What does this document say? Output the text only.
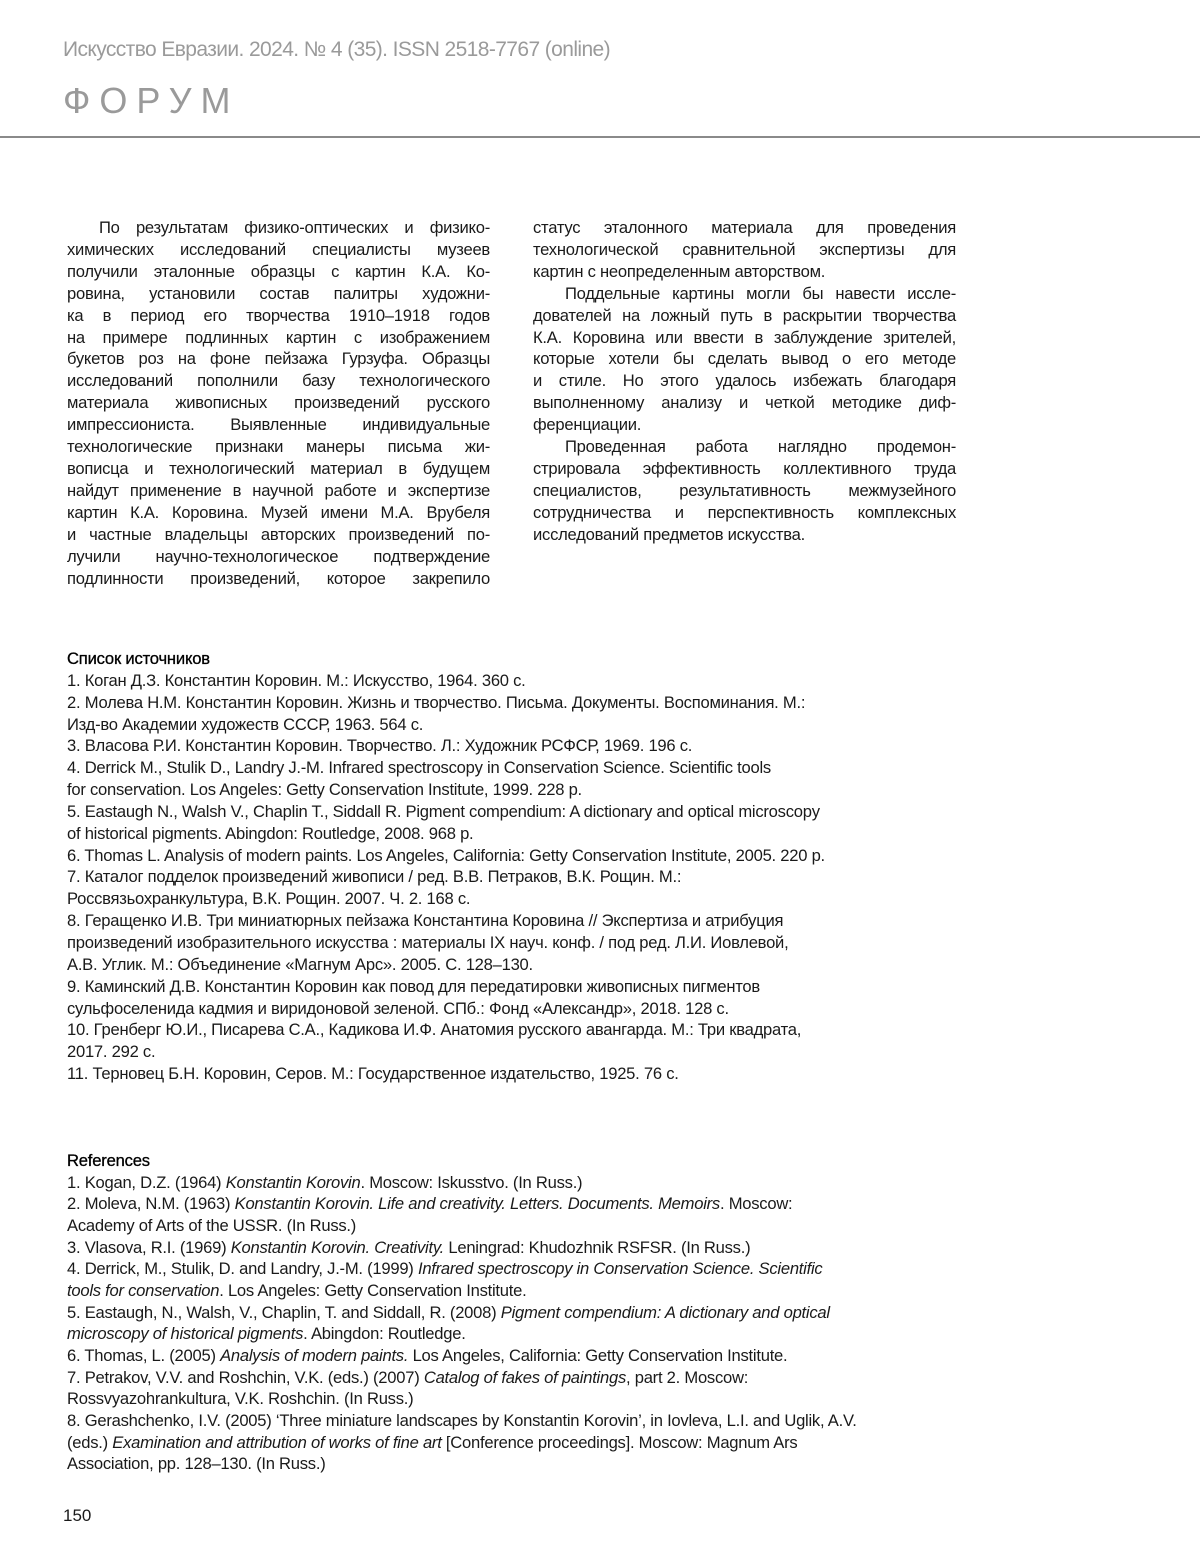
Искусство Евразии. 2024. № 4 (35). ISSN 2518-7767 (online)
ФОРУМ
По результатам физико-оптических и физико-
химических исследований специалисты музеев
получили эталонные образцы с картин К.А. Ко-
ровина, установили состав палитры художни-
ка в период его творчества 1910–1918 годов
на примере подлинных картин с изображением
букетов роз на фоне пейзажа Гурзуфа. Образцы
исследований пополнили базу технологического
материала живописных произведений русского
импрессиониста. Выявленные индивидуальные
технологические признаки манеры письма жи-
вописца и технологический материал в будущем
найдут применение в научной работе и экспертизе
картин К.А. Коровина. Музей имени М.А. Врубеля
и частные владельцы авторских произведений по-
лучили научно-технологическое подтверждение
подлинности произведений, которое закрепило
статус эталонного материала для проведения
технологической сравнительной экспертизы для
картин с неопределенным авторством.
Поддельные картины могли бы навести иссле-
дователей на ложный путь в раскрытии творчества
К.А. Коровина или ввести в заблуждение зрителей,
которые хотели бы сделать вывод о его методе
и стиле. Но этого удалось избежать благодаря
выполненному анализу и четкой методике диф-
ференциации.
Проведенная работа наглядно продемон-
стрировала эффективность коллективного труда
специалистов, результативность межмузейного
сотрудничества и перспективность комплексных
исследований предметов искусства.
Список источников
1. Коган Д.З. Константин Коровин. М.: Искусство, 1964. 360 с.
2. Молева Н.М. Константин Коровин. Жизнь и творчество. Письма. Документы. Воспоминания. М.:
Изд-во Академии художеств СССР, 1963. 564 с.
3. Власова Р.И. Константин Коровин. Творчество. Л.: Художник РСФСР, 1969. 196 с.
4. Derrick M., Stulik D., Landry J.-M. Infrared spectroscopy in Conservation Science. Scientific tools
for conservation. Los Angeles: Getty Conservation Institute, 1999. 228 p.
5. Eastaugh N., Walsh V., Chaplin T., Siddall R. Pigment compendium: A dictionary and optical microscopy
of historical pigments. Abingdon: Routledge, 2008. 968 p.
6. Thomas L. Analysis of modern paints. Los Angeles, California: Getty Conservation Institute, 2005. 220 p.
7. Каталог подделок произведений живописи / ред. В.В. Петраков, В.К. Рощин. М.:
Россвязьохранкультура, В.К. Рощин. 2007. Ч. 2. 168 с.
8. Геращенко И.В. Три миниатюрных пейзажа Константина Коровина // Экспертиза и атрибуция
произведений изобразительного искусства : материалы IX науч. конф. / под ред. Л.И. Иовлевой,
А.В. Углик. М.: Объединение «Магнум Арс». 2005. С. 128–130.
9. Каминский Д.В. Константин Коровин как повод для передатировки живописных пигментов
сульфоселенида кадмия и виридоновой зеленой. СПб.: Фонд «Александр», 2018. 128 с.
10. Гренберг Ю.И., Писарева С.А., Кадикова И.Ф. Анатомия русского авангарда. М.: Три квадрата,
2017. 292 с.
11. Терновец Б.Н. Коровин, Серов. М.: Государственное издательство, 1925. 76 с.
References
1. Kogan, D.Z. (1964) Konstantin Korovin. Moscow: Iskusstvo. (In Russ.)
2. Moleva, N.M. (1963) Konstantin Korovin. Life and creativity. Letters. Documents. Memoirs. Moscow:
Academy of Arts of the USSR. (In Russ.)
3. Vlasova, R.I. (1969) Konstantin Korovin. Creativity. Leningrad: Khudozhnik RSFSR. (In Russ.)
4. Derrick, M., Stulik, D. and Landry, J.-M. (1999) Infrared spectroscopy in Conservation Science. Scientific
tools for conservation. Los Angeles: Getty Conservation Institute.
5. Eastaugh, N., Walsh, V., Chaplin, T. and Siddall, R. (2008) Pigment compendium: A dictionary and optical
microscopy of historical pigments. Abingdon: Routledge.
6. Thomas, L. (2005) Analysis of modern paints. Los Angeles, California: Getty Conservation Institute.
7. Petrakov, V.V. and Roshchin, V.K. (eds.) (2007) Catalog of fakes of paintings, part 2. Moscow:
Rossvyazohrankultura, V.K. Roshchin. (In Russ.)
8. Gerashchenko, I.V. (2005) ‘Three miniature landscapes by Konstantin Korovin’, in Iovleva, L.I. and Uglik, A.V.
(eds.) Examination and attribution of works of fine art [Conference proceedings]. Moscow: Magnum Ars
Association, pp. 128–130. (In Russ.)
150
